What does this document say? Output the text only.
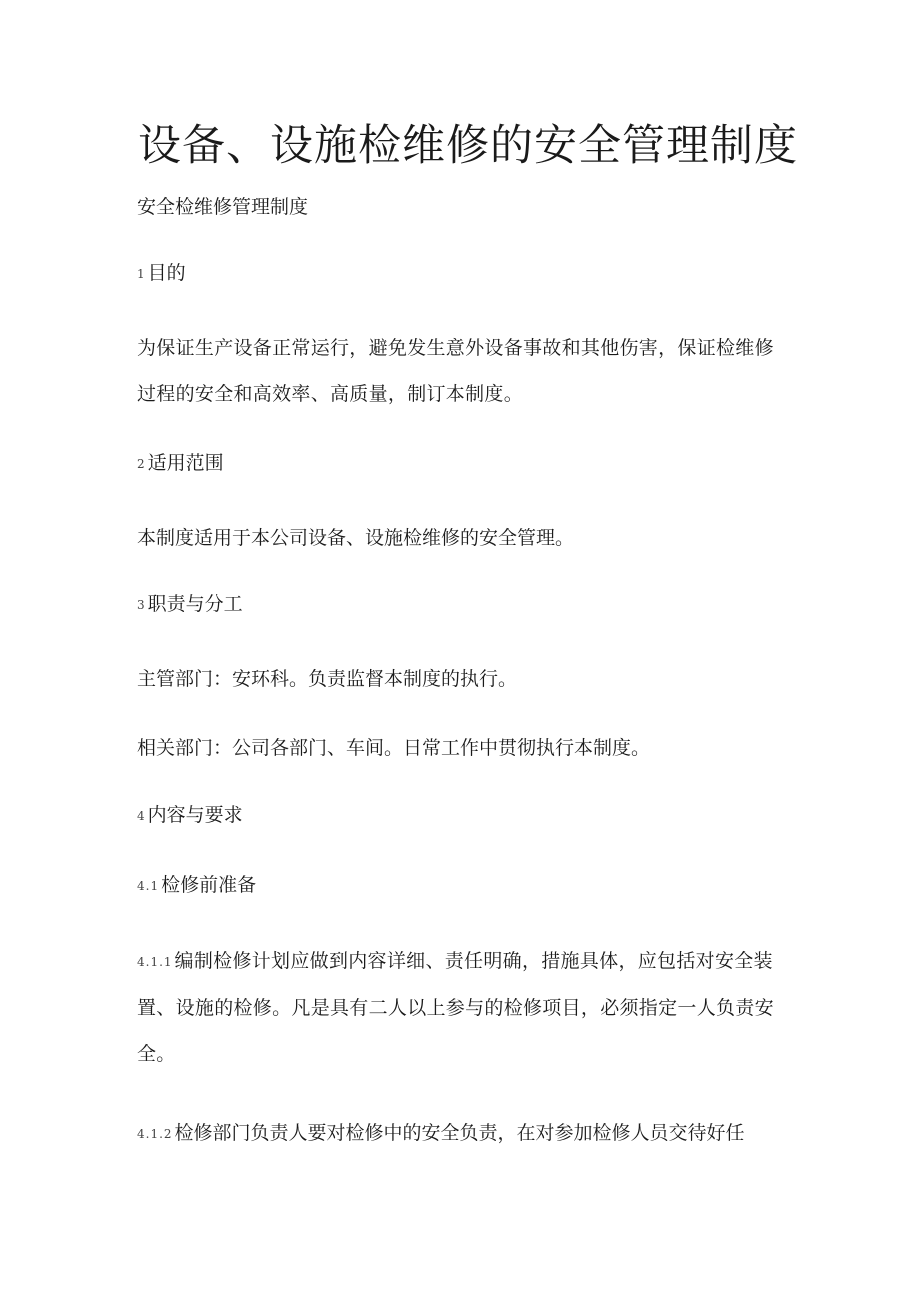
设备、设施检维修的安全管理制度

安全检维修管理制度

1 目的

为保证生产设备正常运行，避免发生意外设备事故和其他伤害，保证检维修过程的安全和高效率、高质量，制订本制度。

2 适用范围

本制度适用于本公司设备、设施检维修的安全管理。

3 职责与分工

主管部门：安环科。负责监督本制度的执行。

相关部门：公司各部门、车间。日常工作中贯彻执行本制度。

4 内容与要求

4.1 检修前准备

4.1.1 编制检修计划应做到内容详细、责任明确，措施具体，应包括对安全装置、设施的检修。凡是具有二人以上参与的检修项目，必须指定一人负责安全。

4.1.2 检修部门负责人要对检修中的安全负责，在对参加检修人员交待好任
